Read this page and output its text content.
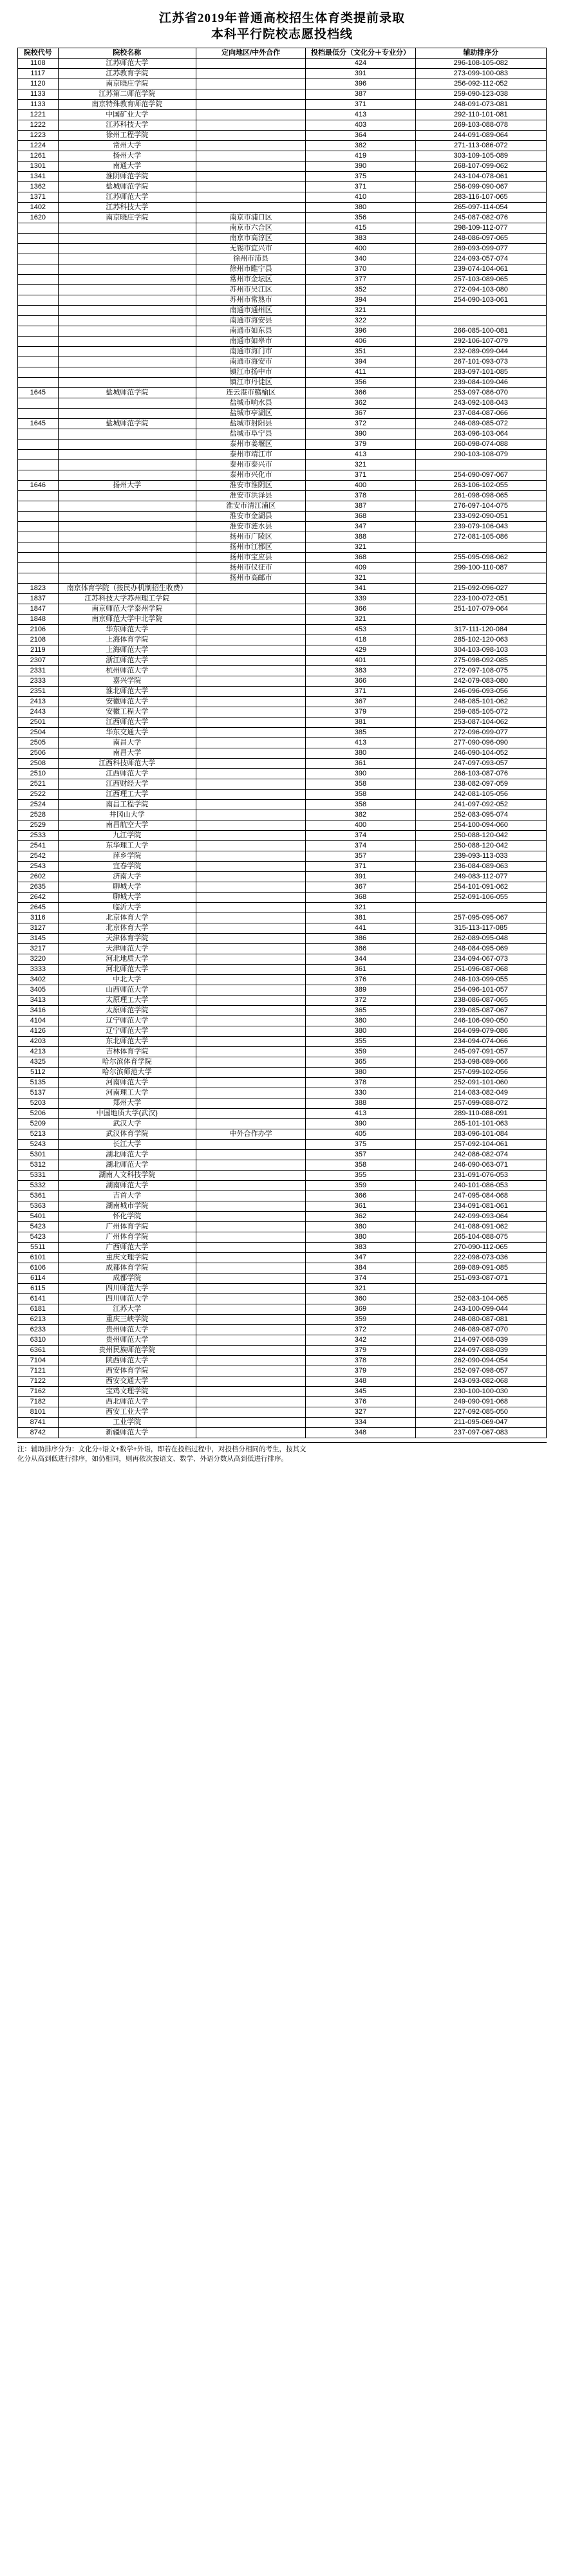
江苏省2019年普通高校招生体育类提前录取
本科平行院校志愿投档线
院校代号	院校名称	定向地区/中外合作	投档最低分（文化分＋专业分）	辅助排序分
1108	江苏师范大学		424	296-108-105-082
1117	江苏教育学院		391	273-099-100-083
1120	南京晓庄学院		396	256-092-112-052
1133	江苏第二师范学院		387	259-090-123-038
1133	南京特殊教育师范学院		371	248-091-073-081
1221	中国矿业大学		413	292-110-101-081
1222	江苏科技大学		403	269-103-088-078
1223	徐州工程学院		364	244-091-089-064
1224	常州大学		382	271-113-086-072
1261	扬州大学		419	303-109-105-089
1301	南通大学		390	268-107-099-062
1341	淮阴师范学院		375	243-104-078-061
1362	盐城师范学院		371	256-099-090-067
1371	江苏师范大学		410	283-116-107-065
1402	江苏科技大学		380	265-097-114-054
1620	南京晓庄学院	南京市浦口区	356	245-087-082-076
		南京市六合区	415	298-109-112-077
		南京市高淳区	383	248-086-097-065
		无锡市宜兴市	400	269-093-099-077
		徐州市沛县	340	224-093-057-074
		徐州市睢宁县	370	239-074-104-061
		常州市金坛区	377	257-103-089-065
		苏州市吴江区	352	272-094-103-080
		苏州市常熟市	394	254-090-103-061
		南通市通州区	321	
		南通市海安县	322	
		南通市如东县	396	266-085-100-081
		南通市如皋市	406	292-106-107-079
		南通市海门市	351	232-089-099-044
		南通市海安市	394	267-101-093-073
		镇江市扬中市	411	283-097-101-085
		镇江市丹徒区	356	239-084-109-046
1645	盐城师范学院	连云港市赣榆区	366	253-097-086-070
		盐城市响水县	362	243-092-108-043
		盐城市亭湖区	367	237-084-087-066
1645	盐城师范学院	盐城市射阳县	372	246-089-085-072
		盐城市阜宁县	390	263-096-103-064
		泰州市姜堰区	379	260-098-074-088
		泰州市靖江市	413	290-103-108-079
		泰州市泰兴市	321	
		泰州市兴化市	371	254-090-097-067
1646	扬州大学	淮安市淮阴区	400	263-106-102-055
		淮安市洪泽县	378	261-098-098-065
		淮安市清江浦区	387	276-097-104-075
		淮安市金湖县	368	233-092-090-051
		淮安市涟水县	347	239-079-106-043
		扬州市广陵区	388	272-081-105-086
		扬州市江都区	321	
		扬州市宝应县	368	255-095-098-062
		扬州市仪征市	409	299-100-110-087
		扬州市高邮市	321	
1823	南京体育学院（按民办机制招生收费）		341	215-092-096-027
1837	江苏科技大学苏州理工学院		339	223-100-072-051
1847	南京师范大学泰州学院		366	251-107-079-064
1848	南京师范大学中北学院		321	
2106	华东师范大学		453	317-111-120-084
2108	上海体育学院		418	285-102-120-063
2119	上海师范大学		429	304-103-098-103
2307	浙江师范大学		401	275-098-092-085
2331	杭州师范大学		383	272-097-108-075
2333	嘉兴学院		366	242-079-083-080
2351	淮北师范大学		371	246-096-093-056
2413	安徽师范大学		367	248-085-101-062
2443	安徽工程大学		379	259-085-105-072
2501	江西师范大学		381	253-087-104-062
2504	华东交通大学		385	272-096-099-077
2505	南昌大学		413	277-090-096-090
2506	南昌大学		380	246-090-104-052
2508	江西科技师范大学		361	247-097-093-057
2510	江西师范大学		390	266-103-087-076
2521	江西财经大学		358	238-082-097-059
2522	江西理工大学		358	242-081-105-056
2524	南昌工程学院		358	241-097-092-052
2528	井冈山大学		382	252-083-095-074
2529	南昌航空大学		400	254-100-094-060
2533	九江学院		374	250-088-120-042
2541	东华理工大学		374	250-088-120-042
2542	萍乡学院		357	239-093-113-033
2543	宜春学院		371	236-084-089-063
2602	济南大学		391	249-083-112-077
2635	聊城大学		367	254-101-091-062
2642	聊城大学		368	252-091-106-055
2645	临沂大学		321	
3116	北京体育大学		381	257-095-095-067
3127	北京体育大学		441	315-113-117-085
3145	天津体育学院		386	262-089-095-048
3217	天津师范大学		386	248-084-095-069
3220	河北地质大学		344	234-094-067-073
3333	河北师范大学		361	251-096-087-068
3402	中北大学		376	248-103-099-055
3405	山西师范大学		389	254-096-101-057
3413	太原理工大学		372	238-086-087-065
3416	太原师范学院		365	239-085-087-067
4104	辽宁师范大学		380	246-106-090-050
4126	辽宁师范大学		380	264-099-079-086
4203	东北师范大学		355	234-094-074-066
4213	吉林体育学院		359	245-097-091-057
4325	哈尔滨体育学院		365	253-098-089-066
5112	哈尔滨师范大学		380	257-099-102-056
5135	河南师范大学		378	252-091-101-060
5137	河南理工大学		330	214-083-082-049
5203	郑州大学		388	257-099-088-072
5206	中国地质大学(武汉)		413	289-110-088-091
5209	武汉大学		390	265-101-101-063
5213	武汉体育学院	中外合作办学	405	283-096-101-084
5243	长江大学		375	257-092-104-061
5301	湖北师范大学		357	242-086-082-074
5312	湖北师范大学		358	246-090-063-071
5331	湖南人文科技学院		355	231-091-076-053
5332	湖南师范大学		359	240-101-086-053
5361	吉首大学		366	247-095-084-068
5363	湖南城市学院		361	234-091-081-061
5401	怀化学院		362	242-099-093-064
5423	广州体育学院		380	241-088-091-062
5423	广州体育学院		380	265-104-088-075
5511	广西师范大学		383	270-090-112-065
6101	重庆文理学院		347	222-098-073-036
6106	成都体育学院		384	269-089-091-085
6114	成都学院		374	251-093-087-071
6115	四川师范大学		321	
6141	四川师范大学		360	252-083-104-065
6181	江苏大学		369	243-100-099-044
6213	重庆三峡学院		359	248-080-087-081
6233	贵州师范大学		372	246-089-087-070
6310	贵州师范大学		342	214-097-068-039
6361	贵州民族师范学院		379	224-097-088-039
7104	陕西师范大学		378	262-090-094-054
7121	西安体育学院		379	252-097-098-057
7122	西安交通大学		348	243-093-082-068
7162	宝鸡文理学院		345	230-100-100-030
7182	西北师范大学		376	249-090-091-068
8101	西安工业大学		327	227-092-085-050
8741	工业学院		334	211-095-069-047
8742	新疆师范大学		348	237-097-067-083
注：辅助排序分为：文化分÷语文+数学+外语，即若在投档过程中，对投档分相同的考生，按其文
化分从高到低进行排序，如仍相同，则再依次按语文、数学、外语分数从高到低进行排序。
